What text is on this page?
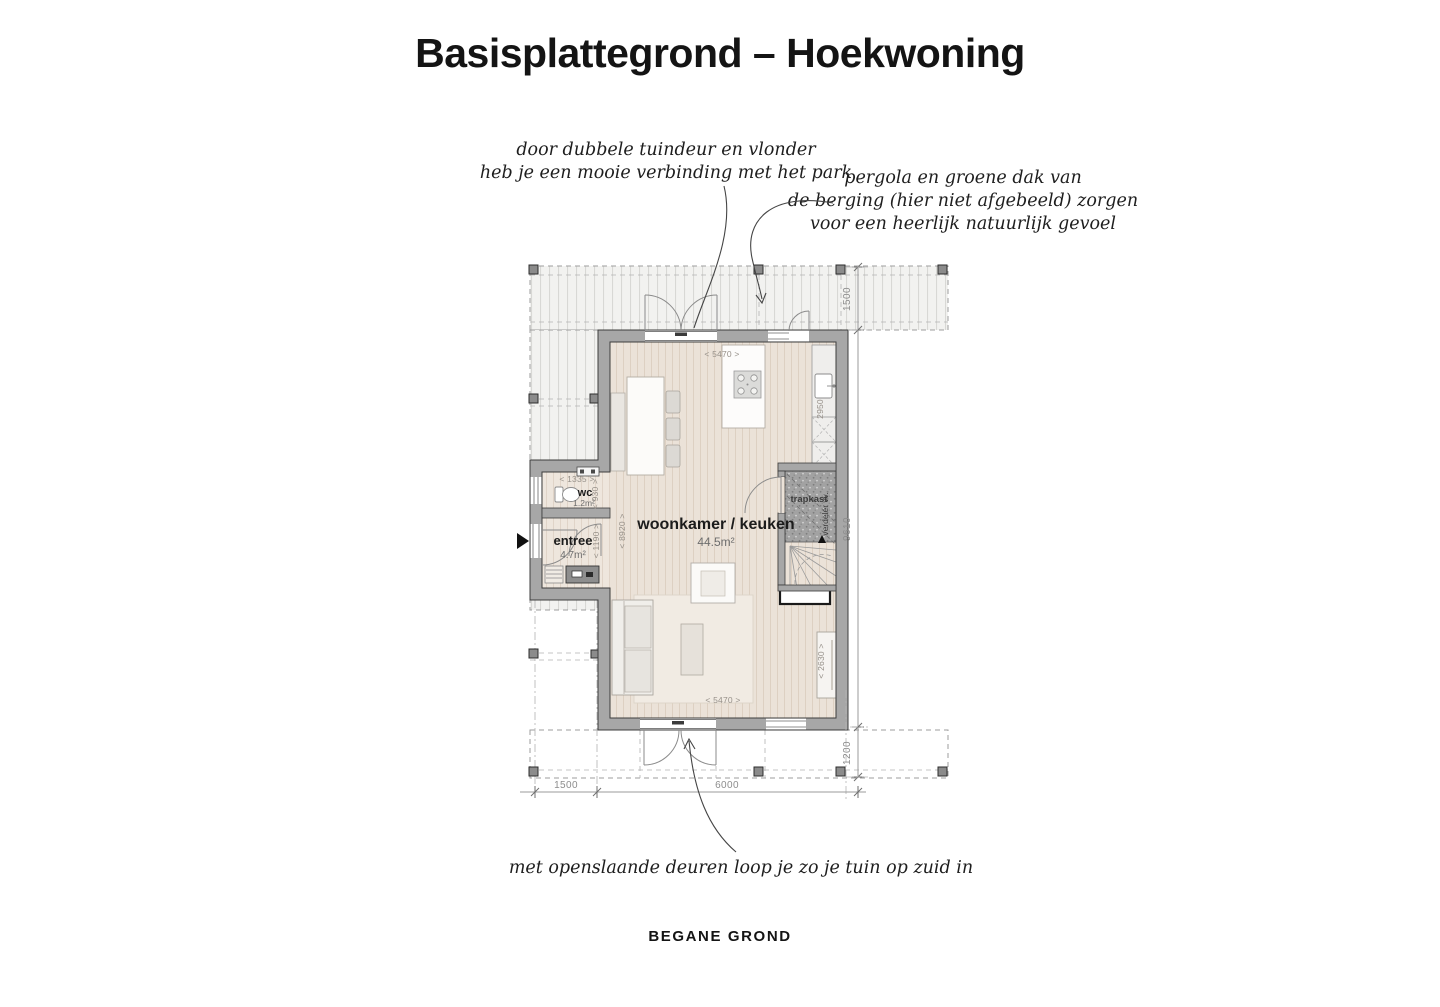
Basisplattegrond – Hoekwoning
door dubbele tuindeur en vlonder
heb je een mooie verbinding met het park
pergola en groene dak van
de berging (hier niet afgebeeld) zorgen
voor een heerlijk natuurlijk gevoel
met openslaande deuren loop je zo je tuin op zuid in
BEGANE GROND
woonkamer / keuken
44.5m²
entree
4.7m²
wc
1.2m²	trapkast
verdeler vv.
< 5470 >
< 5470 >
< 8920 >
< 1190 >
2950
< 2630 >
< 1335 >
< 930 >
1500
9610
1200
1500	6000
